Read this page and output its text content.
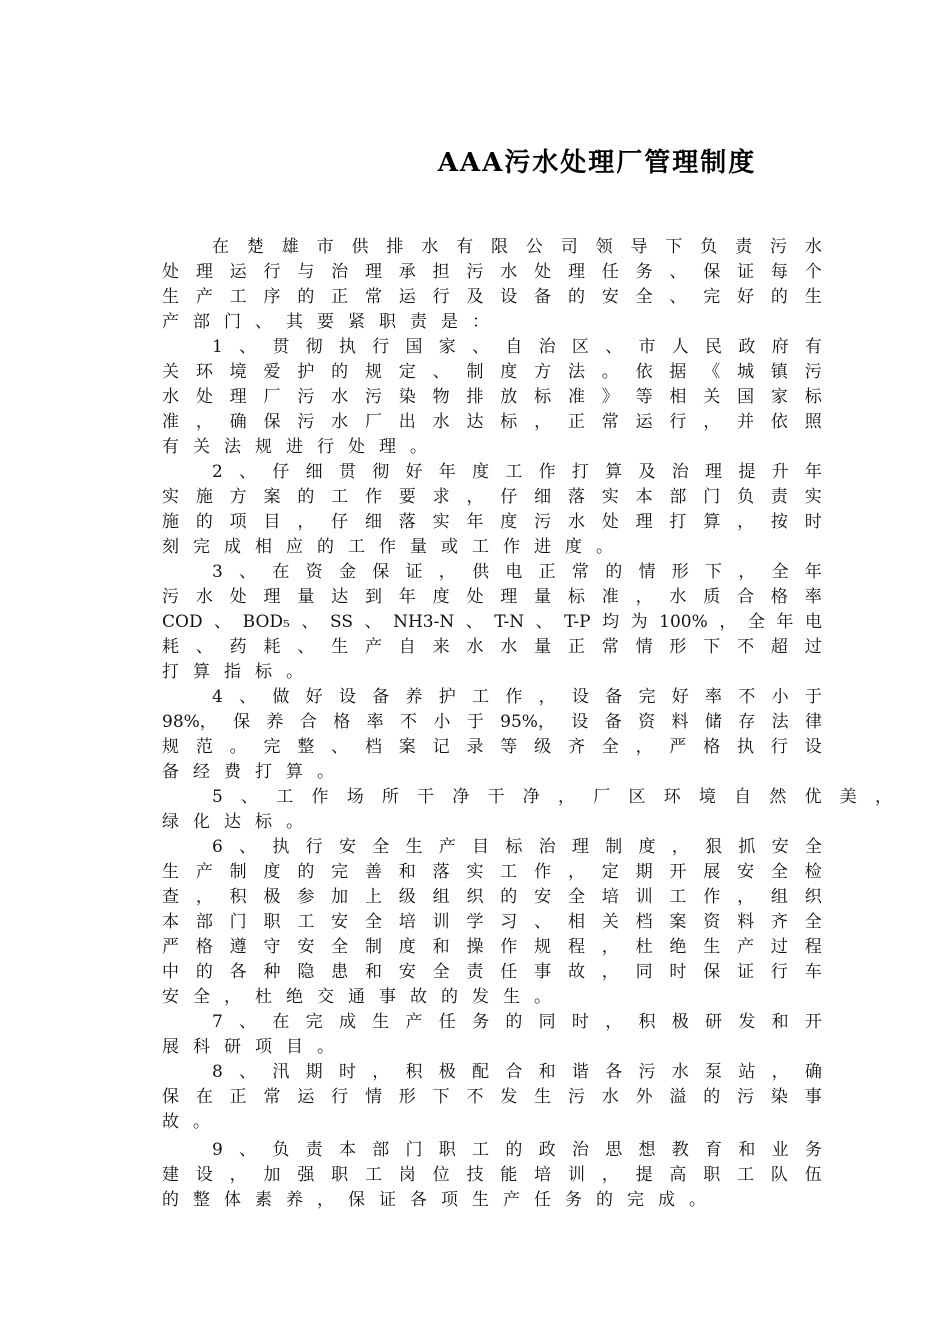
AAA污水处理厂管理制度
在 楚 雄 市 供 排 水 有 限 公 司 领 导 下 负 责 污 水
处 理 运 行 与 治 理 承 担 污 水 处 理 任 务 、 保 证 每 个
生 产 工 序 的 正 常 运 行 及 设 备 的 安 全 、 完 好 的 生
产 部 门 、 其 要 紧 职 责 是 ：
1 、 贯 彻 执 行 国 家 、 自 治 区 、 市 人 民 政 府 有
关 环 境 爱 护 的 规 定 、 制 度 方 法 。 依 据 《 城 镇 污
水 处 理 厂 污 水 污 染 物 排 放 标 准 》 等 相 关 国 家 标
准 ， 确 保 污 水 厂 出 水 达 标 ， 正 常 运 行 ， 并 依 照
有 关 法 规 进 行 处 理 。
2 、 仔 细 贯 彻 好 年 度 工 作 打 算 及 治 理 提 升 年
实 施 方 案 的 工 作 要 求 ， 仔 细 落 实 本 部 门 负 责 实
施 的 项 目 ， 仔 细 落 实 年 度 污 水 处 理 打 算 ， 按 时
刻 完 成 相 应 的 工 作 量 或 工 作 进 度 。
3 、 在 资 金 保 证 ， 供 电 正 常 的 情 形 下 ， 全 年
污 水 处 理 量 达 到 年 度 处 理 量 标 准 ， 水 质 合 格 率
COD 、 BOD₅ 、 SS 、 NH3-N 、 T-N 、 T-P 均 为 100% ， 全 年 电
耗 、 药 耗 、 生 产 自 来 水 水 量 正 常 情 形 下 不 超 过
打 算 指 标 。
4 、 做 好 设 备 养 护 工 作 ， 设 备 完 好 率 不 小 于
98%， 保 养 合 格 率 不 小 于 95%， 设 备 资 料 储 存 法 律
规 范 。 完 整 、 档 案 记 录 等 级 齐 全 ， 严 格 执 行 设
备 经 费 打 算 。
5 、 工 作 场 所 干 净 干 净 ， 厂 区 环 境 自 然 优 美 ，
绿 化 达 标 。
6 、 执 行 安 全 生 产 目 标 治 理 制 度 ， 狠 抓 安 全
生 产 制 度 的 完 善 和 落 实 工 作 ， 定 期 开 展 安 全 检
查 ， 积 极 参 加 上 级 组 织 的 安 全 培 训 工 作 ， 组 织
本 部 门 职 工 安 全 培 训 学 习 、 相 关 档 案 资 料 齐 全
严 格 遵 守 安 全 制 度 和 操 作 规 程 ， 杜 绝 生 产 过 程
中 的 各 种 隐 患 和 安 全 责 任 事 故 ， 同 时 保 证 行 车
安 全 ， 杜 绝 交 通 事 故 的 发 生 。
7 、 在 完 成 生 产 任 务 的 同 时 ， 积 极 研 发 和 开
展 科 研 项 目 。
8 、 汛 期 时 ， 积 极 配 合 和 谐 各 污 水 泵 站 ， 确
保 在 正 常 运 行 情 形 下 不 发 生 污 水 外 溢 的 污 染 事
故 。
9 、 负 责 本 部 门 职 工 的 政 治 思 想 教 育 和 业 务
建 设 ， 加 强 职 工 岗 位 技 能 培 训 ， 提 高 职 工 队 伍
的 整 体 素 养 ， 保 证 各 项 生 产 任 务 的 完 成 。
